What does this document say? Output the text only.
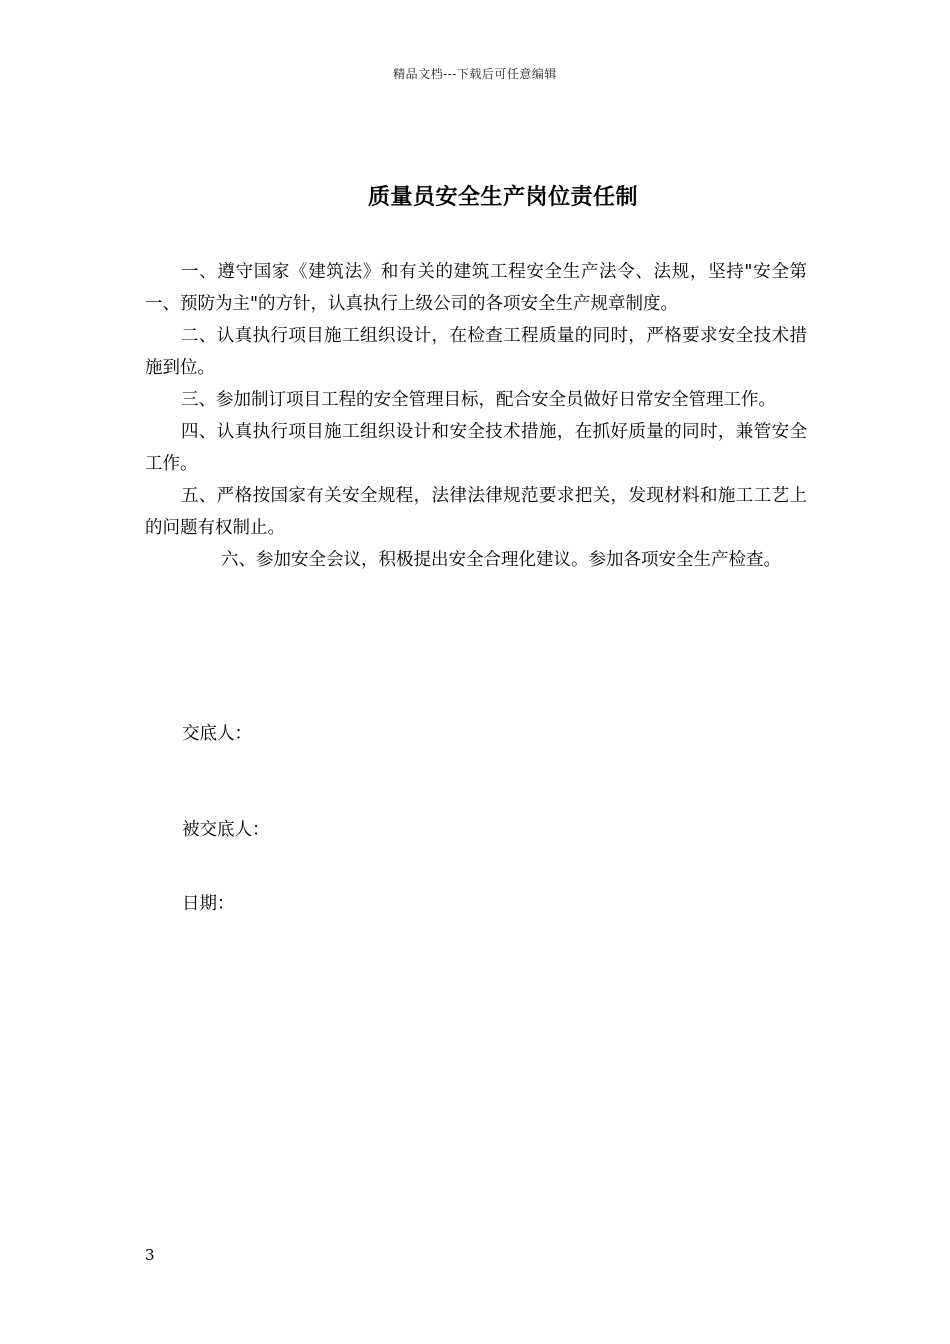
精品文档---下载后可任意编辑
质量员安全生产岗位责任制

一、遵守国家《建筑法》和有关的建筑工程安全生产法令、法规，坚持"安全第一、预防为主"的方针，认真执行上级公司的各项安全生产规章制度。

二、认真执行项目施工组织设计，在检查工程质量的同时，严格要求安全技术措施到位。

三、参加制订项目工程的安全管理目标，配合安全员做好日常安全管理工作。

四、认真执行项目施工组织设计和安全技术措施，在抓好质量的同时，兼管安全工作。

五、严格按国家有关安全规程，法律法律规范要求把关，发现材料和施工工艺上的问题有权制止。

六、参加安全会议，积极提出安全合理化建议。参加各项安全生产检查。

交底人：

被交底人：

日期：

3
